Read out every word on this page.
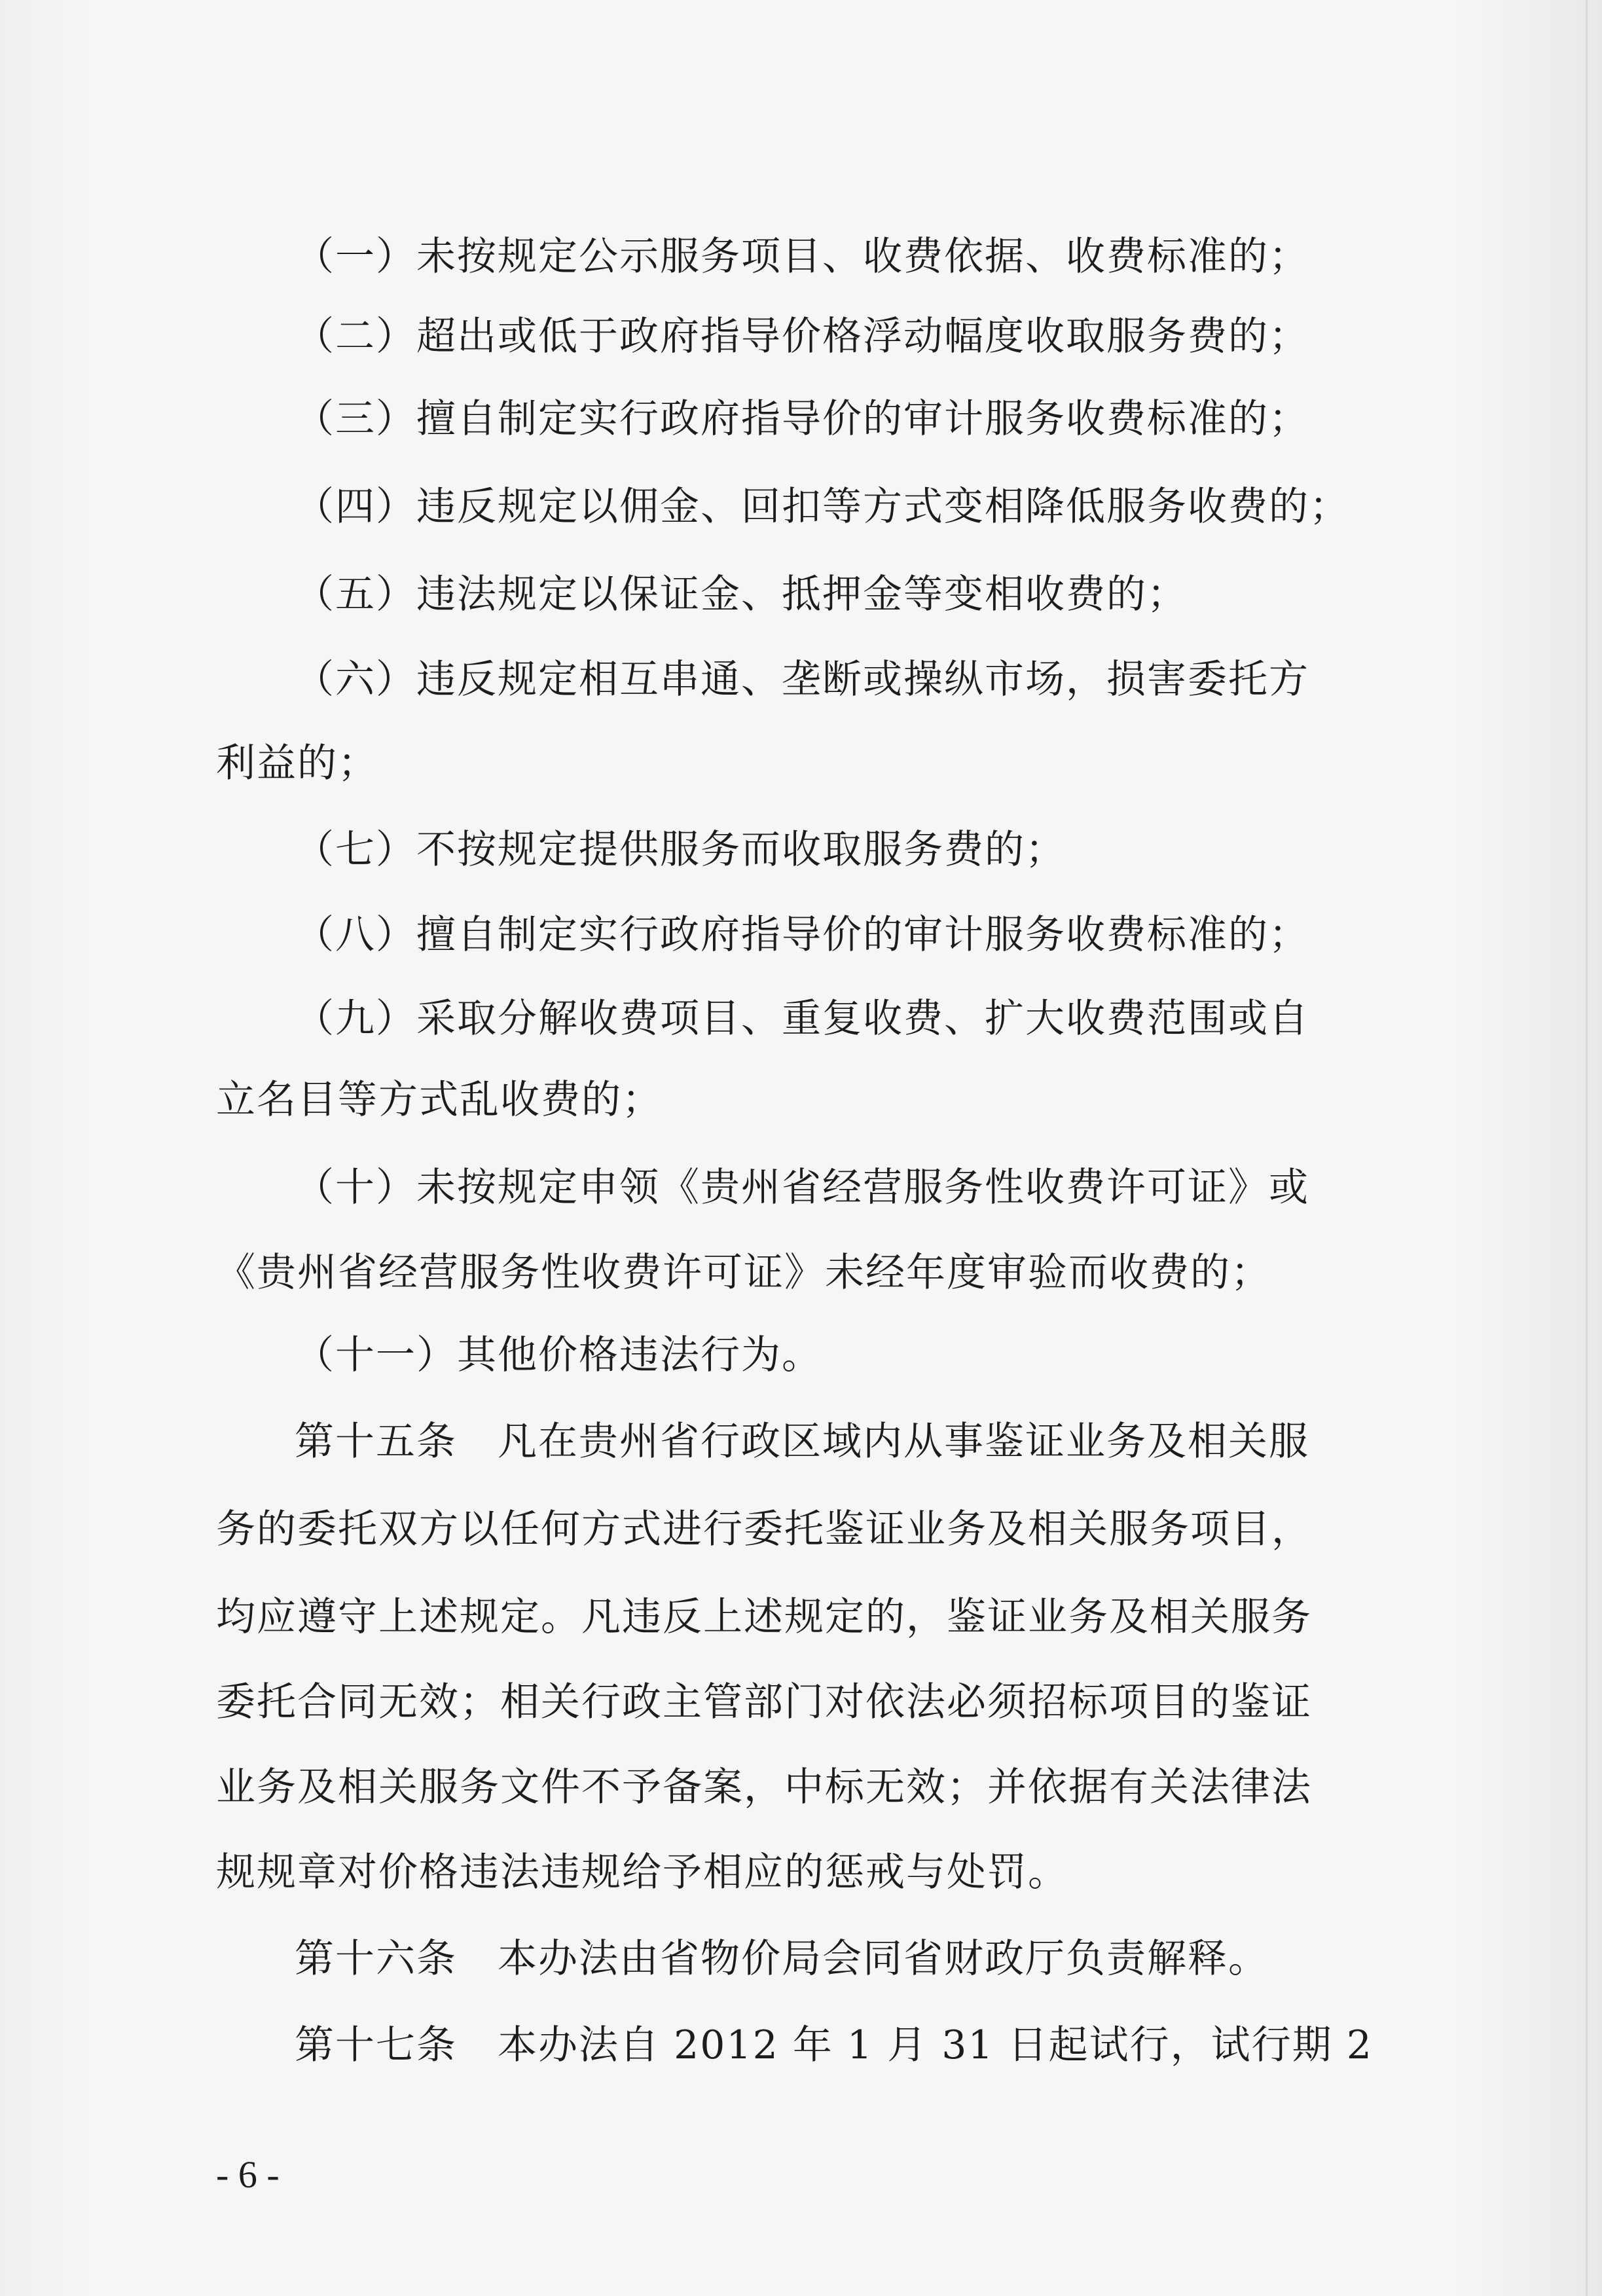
（一）未按规定公示服务项目、收费依据、收费标准的；
（二）超出或低于政府指导价格浮动幅度收取服务费的；
（三）擅自制定实行政府指导价的审计服务收费标准的；
（四）违反规定以佣金、回扣等方式变相降低服务收费的；
（五）违法规定以保证金、抵押金等变相收费的；
（六）违反规定相互串通、垄断或操纵市场，损害委托方
利益的；
（七）不按规定提供服务而收取服务费的；
（八）擅自制定实行政府指导价的审计服务收费标准的；
（九）采取分解收费项目、重复收费、扩大收费范围或自
立名目等方式乱收费的；
（十）未按规定申领《贵州省经营服务性收费许可证》或
《贵州省经营服务性收费许可证》未经年度审验而收费的；
（十一）其他价格违法行为。
第十五条　凡在贵州省行政区域内从事鉴证业务及相关服
务的委托双方以任何方式进行委托鉴证业务及相关服务项目，
均应遵守上述规定。凡违反上述规定的，鉴证业务及相关服务
委托合同无效；相关行政主管部门对依法必须招标项目的鉴证
业务及相关服务文件不予备案，中标无效；并依据有关法律法
规规章对价格违法违规给予相应的惩戒与处罚。
第十六条　本办法由省物价局会同省财政厅负责解释。
第十七条　本办法自 2012 年 1 月 31 日起试行，试行期 2
- 6 -
